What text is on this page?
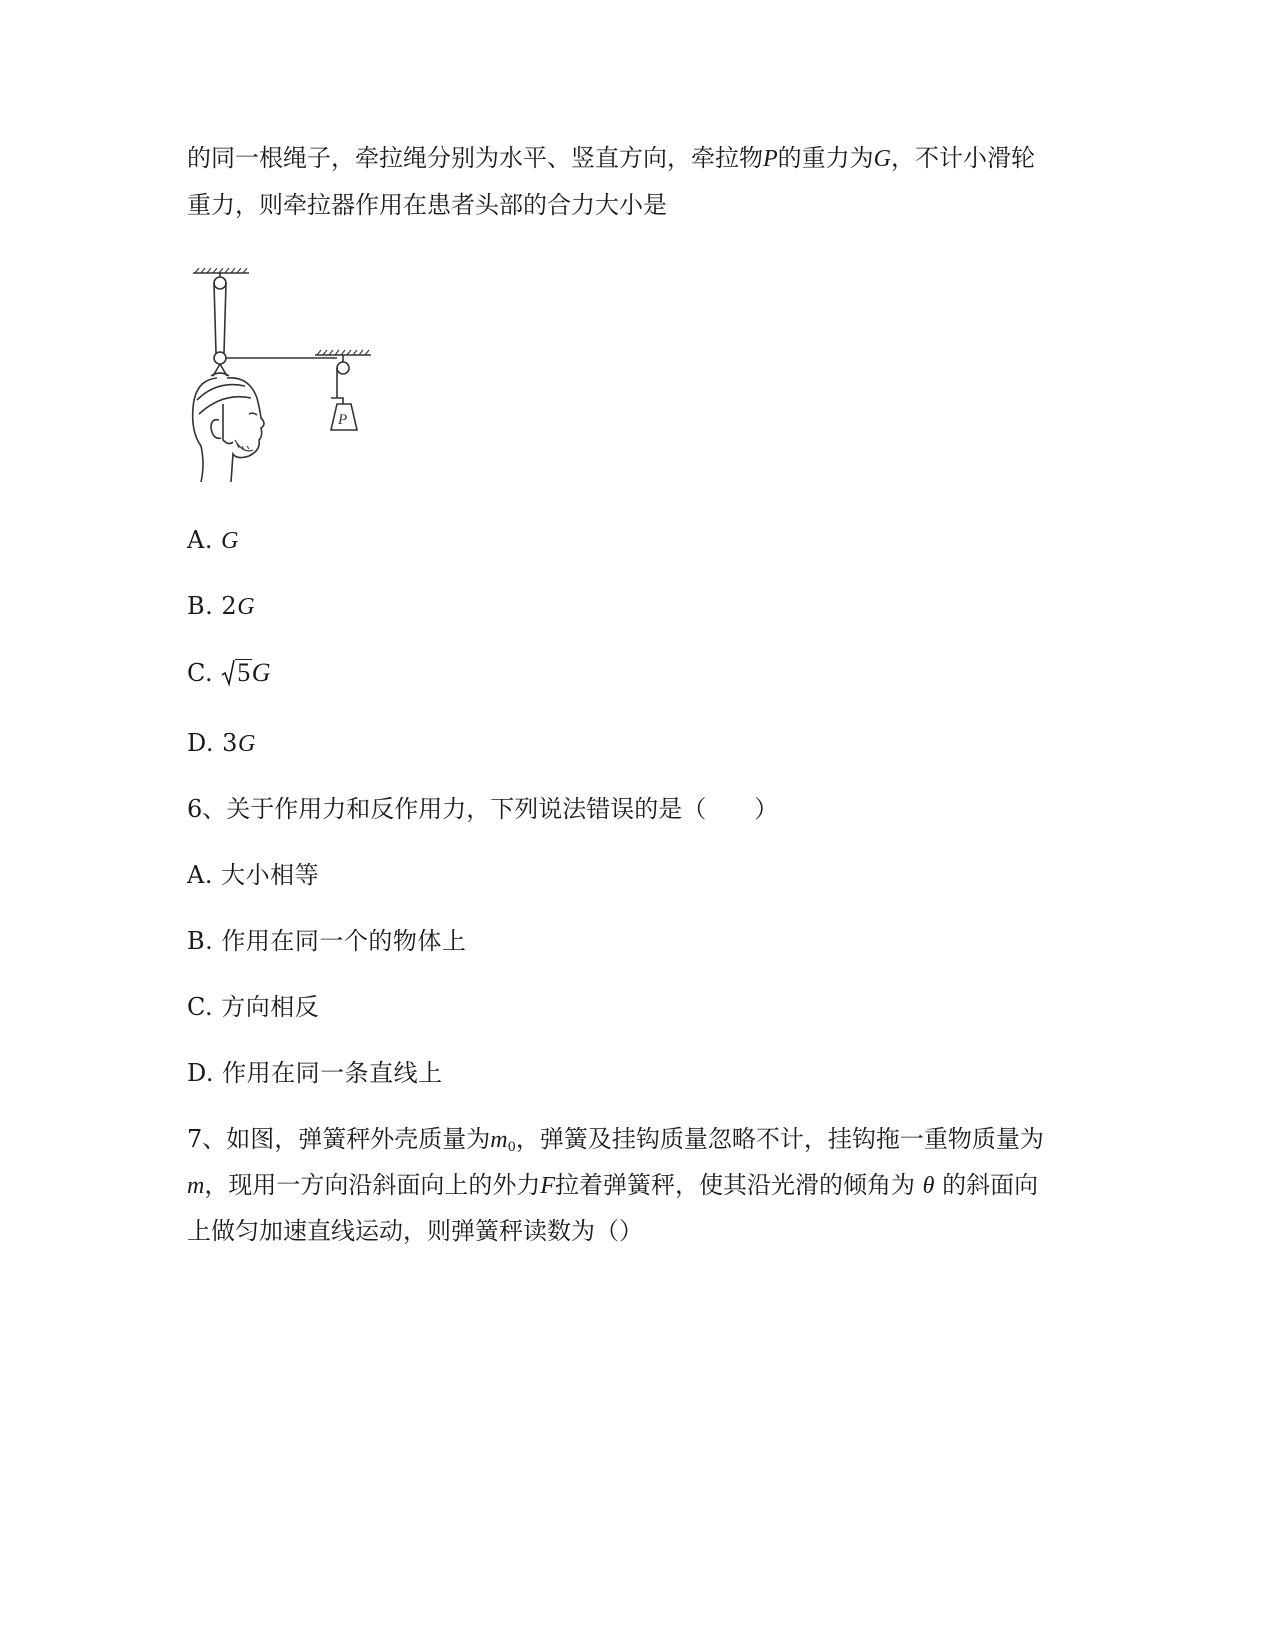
的同一根绳子，牵拉绳分别为水平、竖直方向，牵拉物P的重力为G，不计小滑轮
重力，则牵拉器作用在患者头部的合力大小是
P
A. G
B. 2G
C. 5G
D. 3G
6、关于作用力和反作用力，下列说法错误的是（　　）
A. 大小相等
B. 作用在同一个的物体上
C. 方向相反
D. 作用在同一条直线上
7、如图，弹簧秤外壳质量为$m_0$，弹簧及挂钩质量忽略不计，挂钩拖一重物质量为
m，现用一方向沿斜面向上的外力F拉着弹簧秤，使其沿光滑的倾角为 θ 的斜面向
上做匀加速直线运动，则弹簧秤读数为（）
